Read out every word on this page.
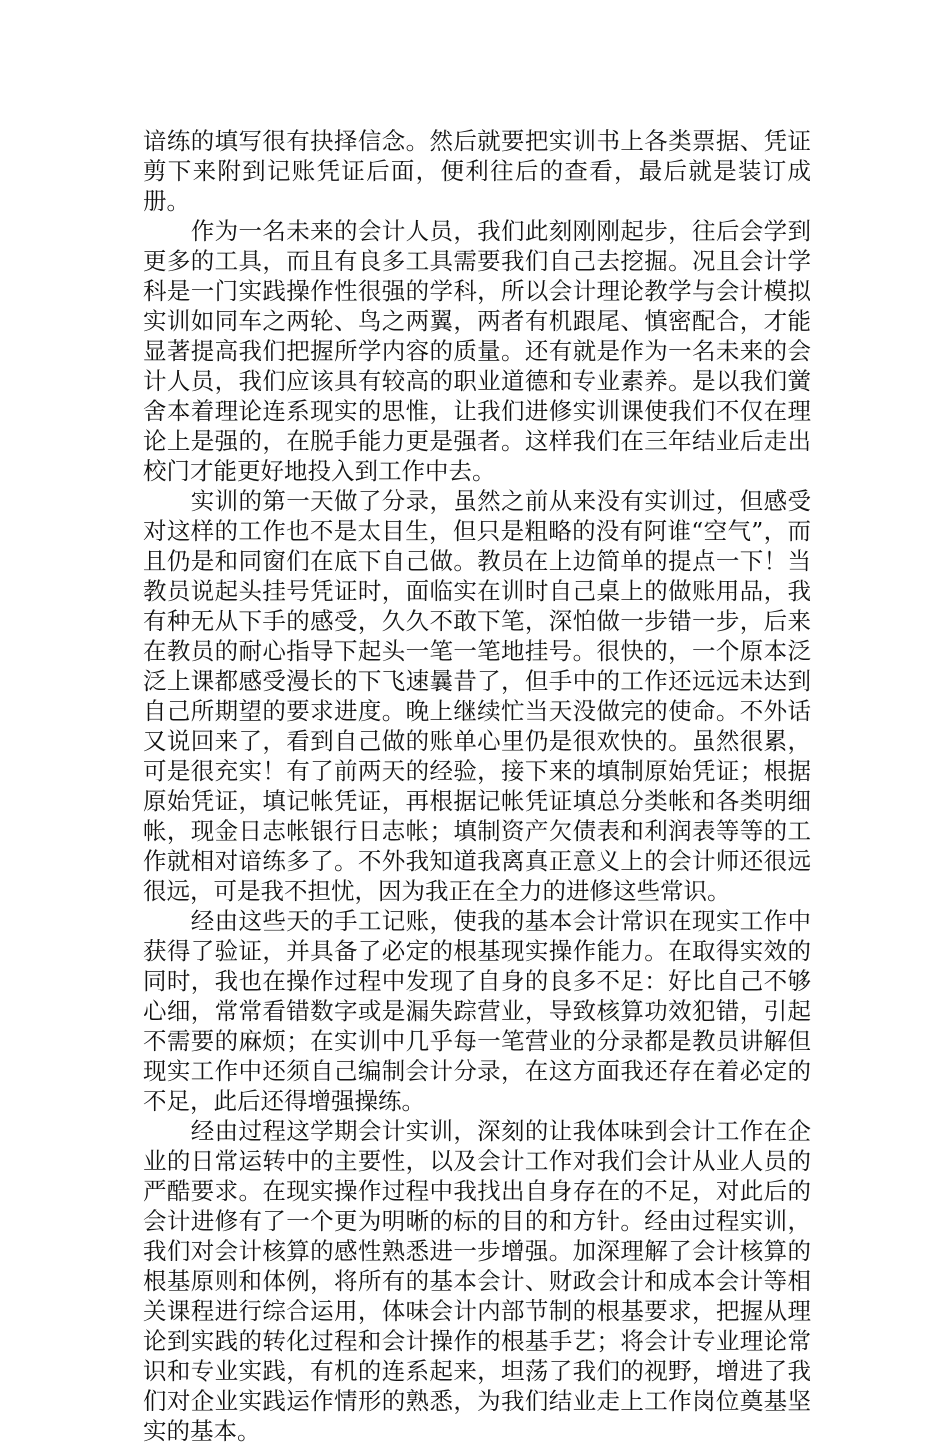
谙练的填写很有抉择信念。然后就要把实训书上各类票据、凭证剪下来附到记账凭证后面，便利往后的查看，最后就是装订成册。

　　作为一名未来的会计人员，我们此刻刚刚起步，往后会学到更多的工具，而且有良多工具需要我们自己去挖掘。况且会计学科是一门实践操作性很强的学科，所以会计理论教学与会计模拟实训如同车之两轮、鸟之两翼，两者有机跟尾、慎密配合，才能显著提高我们把握所学内容的质量。还有就是作为一名未来的会计人员，我们应该具有较高的职业道德和专业素养。是以我们黉舍本着理论连系现实的思惟，让我们进修实训课使我们不仅在理论上是强的，在脱手能力更是强者。这样我们在三年结业后走出校门才能更好地投入到工作中去。

　　实训的第一天做了分录，虽然之前从来没有实训过，但感受对这样的工作也不是太目生，但只是粗略的没有阿谁“空气”，而且仍是和同窗们在底下自己做。教员在上边简单的提点一下！当教员说起头挂号凭证时，面临实在训时自己桌上的做账用品，我有种无从下手的感受，久久不敢下笔，深怕做一步错一步，后来在教员的耐心指导下起头一笔一笔地挂号。很快的，一个原本泛泛上课都感受漫长的下飞速曩昔了，但手中的工作还远远未达到自己所期望的要求进度。晚上继续忙当天没做完的使命。不外话又说回来了，看到自己做的账单心里仍是很欢快的。虽然很累，可是很充实！有了前两天的经验，接下来的填制原始凭证；根据原始凭证，填记帐凭证，再根据记帐凭证填总分类帐和各类明细帐，现金日志帐银行日志帐；填制资产欠债表和利润表等等的工作就相对谙练多了。不外我知道我离真正意义上的会计师还很远很远，可是我不担忧，因为我正在全力的进修这些常识。

　　经由这些天的手工记账，使我的基本会计常识在现实工作中获得了验证，并具备了必定的根基现实操作能力。在取得实效的同时，我也在操作过程中发现了自身的良多不足：好比自己不够心细，常常看错数字或是漏失踪营业，导致核算功效犯错，引起不需要的麻烦；在实训中几乎每一笔营业的分录都是教员讲解但现实工作中还须自己编制会计分录，在这方面我还存在着必定的不足，此后还得增强操练。

　　经由过程这学期会计实训，深刻的让我体味到会计工作在企业的日常运转中的主要性，以及会计工作对我们会计从业人员的严酷要求。在现实操作过程中我找出自身存在的不足，对此后的会计进修有了一个更为明晰的标的目的和方针。经由过程实训，我们对会计核算的感性熟悉进一步增强。加深理解了会计核算的根基原则和体例，将所有的基本会计、财政会计和成本会计等相关课程进行综合运用，体味会计内部节制的根基要求，把握从理论到实践的转化过程和会计操作的根基手艺；将会计专业理论常识和专业实践，有机的连系起来，坦荡了我们的视野，增进了我们对企业实践运作情形的熟悉，为我们结业走上工作岗位奠基坚实的基本。
